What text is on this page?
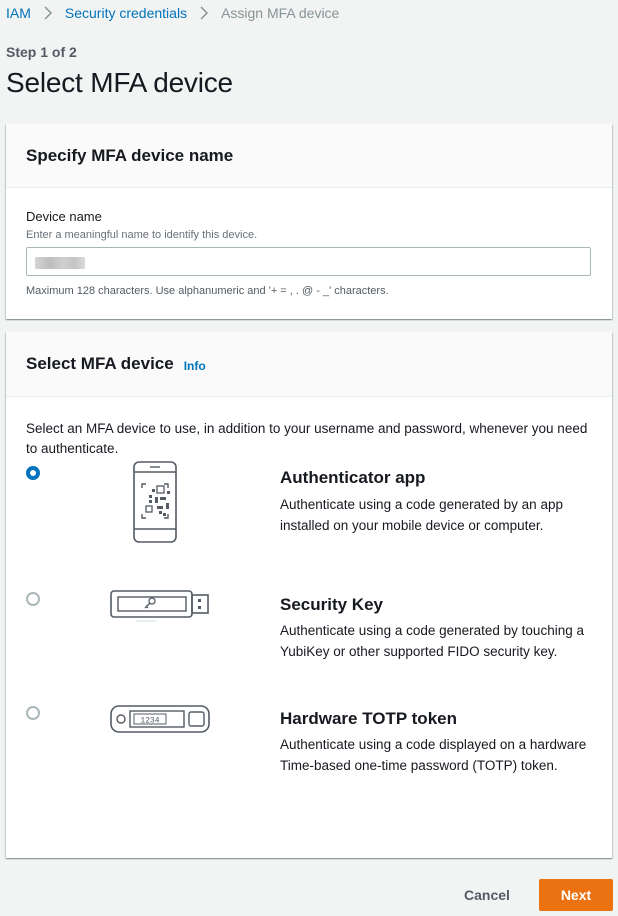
IAM Security credentials Assign MFA device
Step 1 of 2
Select MFA device
Specify MFA device name
Device name
Enter a meaningful name to identify this device.
Maximum 128 characters. Use alphanumeric and '+ = , . @ - _' characters.
Select MFA device Info
Select an MFA device to use, in addition to your username and password, whenever you need to authenticate.
Authenticator app
Authenticate using a code generated by an app installed on your mobile device or computer.
Security Key
Authenticate using a code generated by touching a YubiKey or other supported FIDO security key.
1234	Hardware TOTP token
Authenticate using a code displayed on a hardware Time-based one-time password (TOTP) token.
Cancel	Next
